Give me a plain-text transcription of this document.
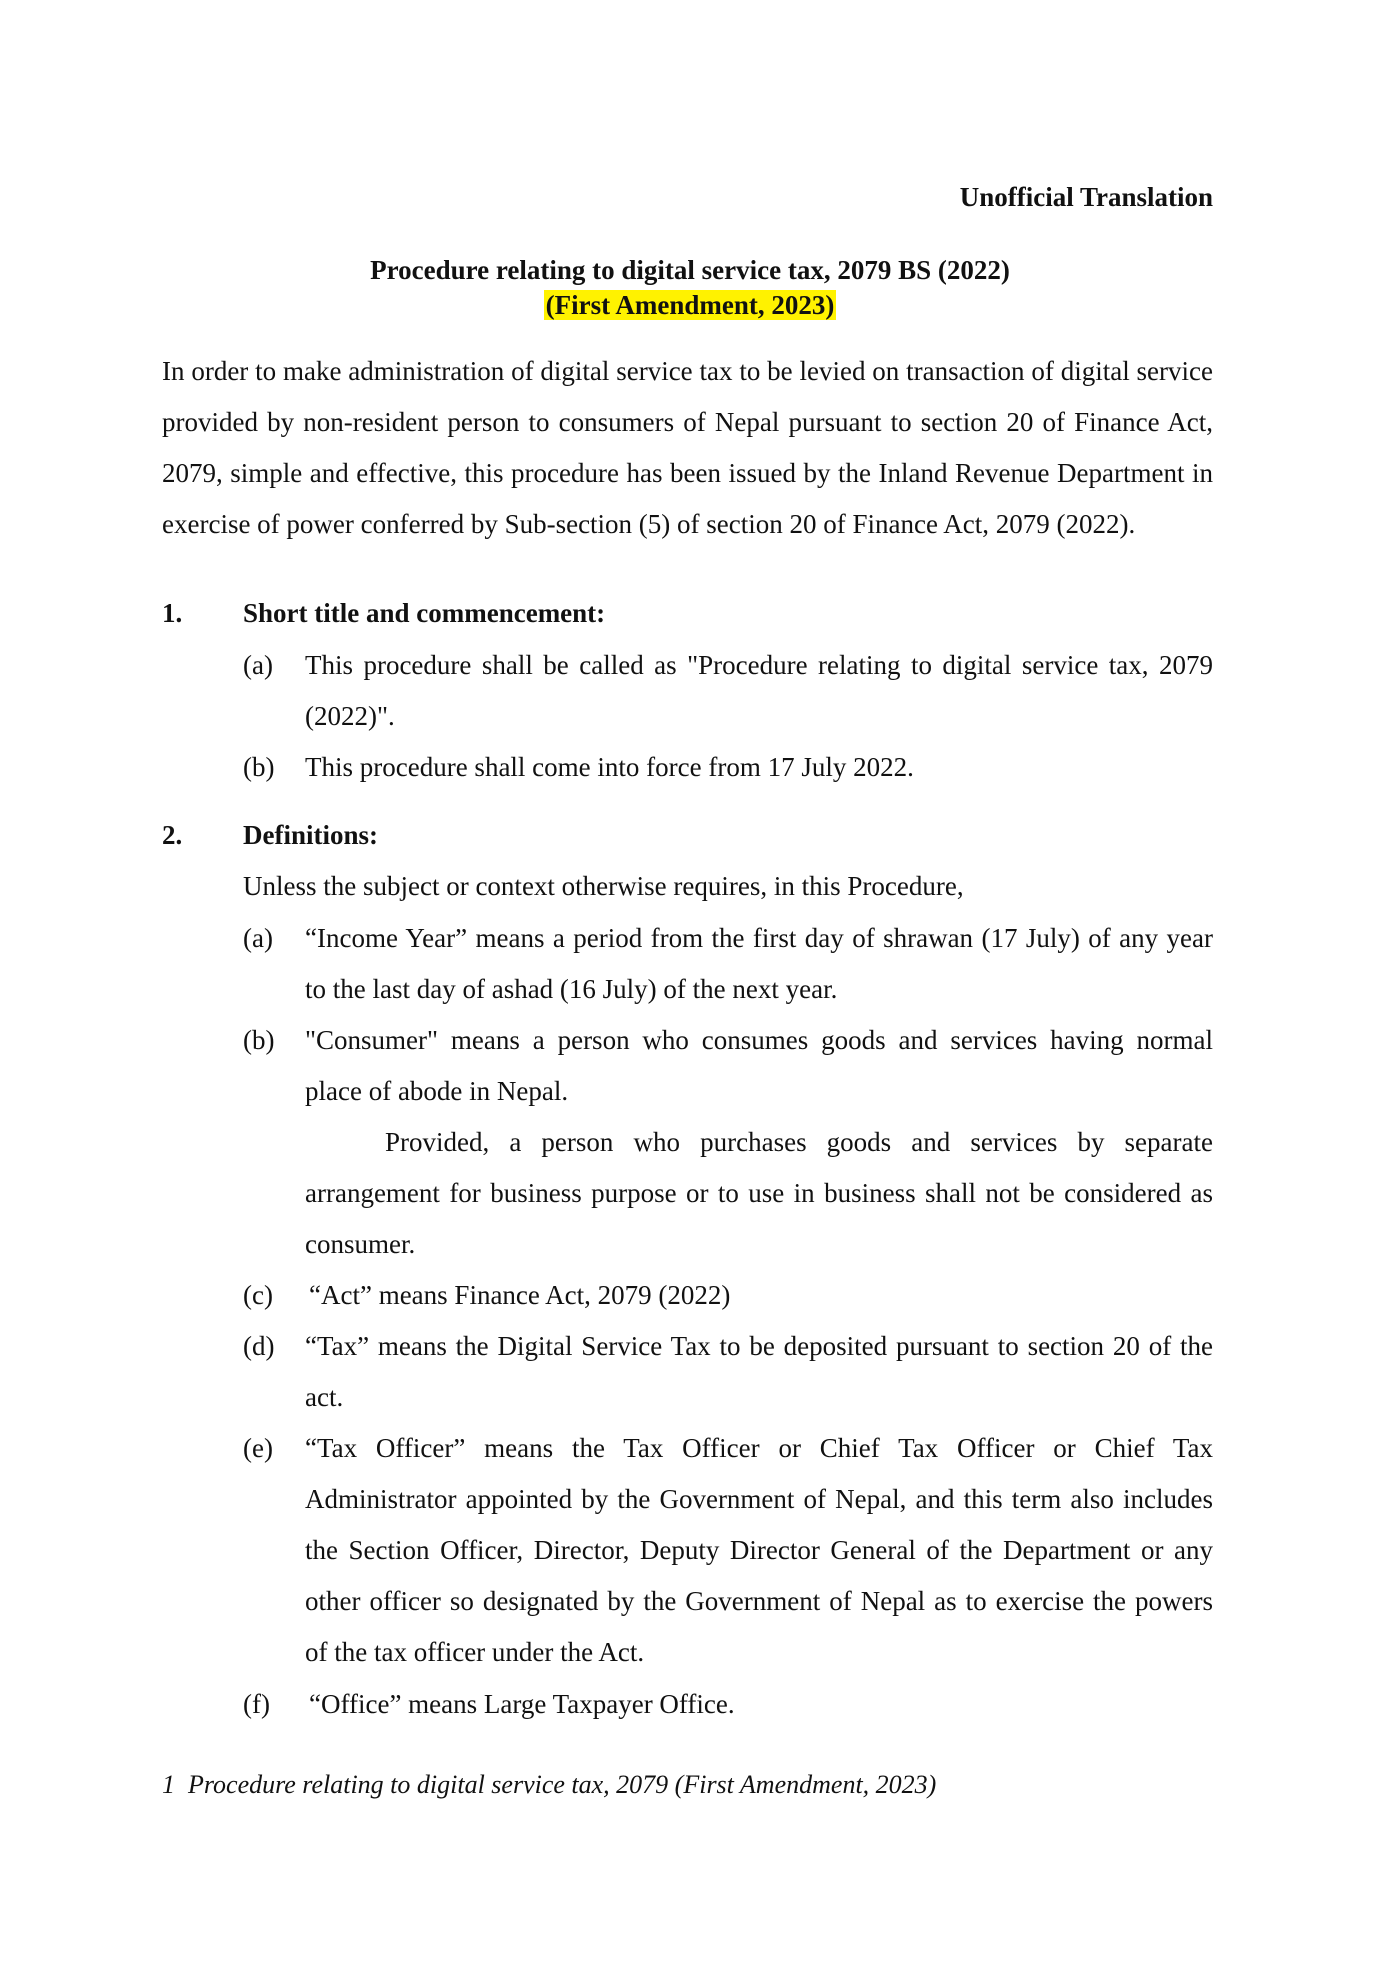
Unofficial Translation
Procedure relating to digital service tax, 2079 BS (2022)
(First Amendment, 2023)
In order to make administration of digital service tax to be levied on transaction of digital service provided by non-resident person to consumers of Nepal pursuant to section 20 of Finance Act, 2079, simple and effective, this procedure has been issued by the Inland Revenue Department in exercise of power conferred by Sub-section (5) of section 20 of Finance Act, 2079 (2022).
1. Short title and commencement:
(a) This procedure shall be called as "Procedure relating to digital service tax, 2079 (2022)".
(b) This procedure shall come into force from 17 July 2022.
2. Definitions:
Unless the subject or context otherwise requires, in this Procedure,
(a) “Income Year” means a period from the first day of shrawan (17 July) of any year to the last day of ashad (16 July) of the next year.
(b) "Consumer" means a person who consumes goods and services having normal place of abode in Nepal.
Provided, a person who purchases goods and services by separate arrangement for business purpose or to use in business shall not be considered as consumer.
(c) “Act” means Finance Act, 2079 (2022)
(d) “Tax” means the Digital Service Tax to be deposited pursuant to section 20 of the act.
(e) “Tax Officer” means the Tax Officer or Chief Tax Officer or Chief Tax Administrator appointed by the Government of Nepal, and this term also includes the Section Officer, Director, Deputy Director General of the Department or any other officer so designated by the Government of Nepal as to exercise the powers of the tax officer under the Act.
(f) “Office” means Large Taxpayer Office.
1 Procedure relating to digital service tax, 2079 (First Amendment, 2023)
